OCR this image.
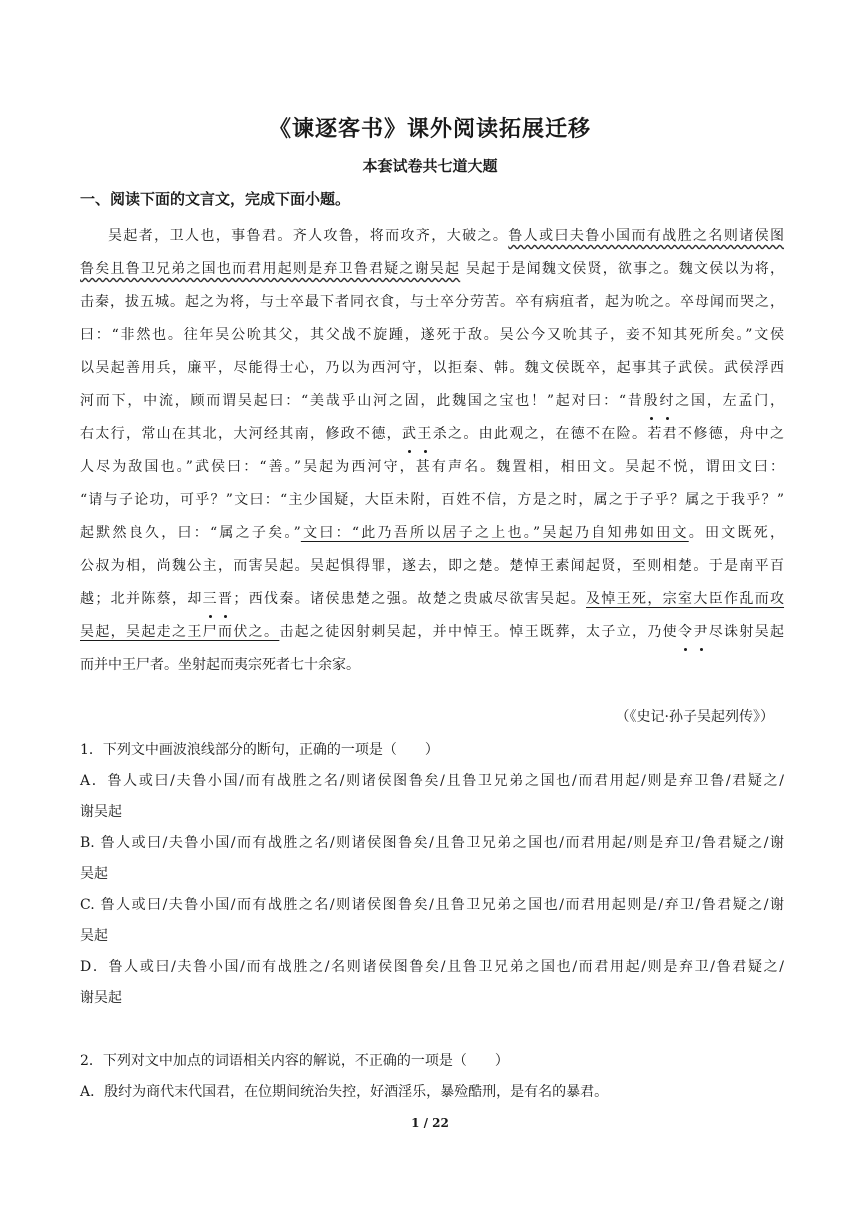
《谏逐客书》课外阅读拓展迁移
本套试卷共七道大题
一、阅读下面的文言文，完成下面小题。
吴起者，卫人也，事鲁君。齐人攻鲁，将而攻齐，大破之。鲁人或曰夫鲁小国而有战胜之名则诸侯图
鲁矣且鲁卫兄弟之国也而君用起则是弃卫鲁君疑之谢吴起 吴起于是闻魏文侯贤，欲事之。魏文侯以为将，
击秦，拔五城。起之为将，与士卒最下者同衣食，与士卒分劳苦。卒有病疽者，起为吮之。卒母闻而哭之，
曰：“非然也。往年吴公吮其父，其父战不旋踵，遂死于敌。吴公今又吮其子，妾不知其死所矣。”文侯
以吴起善用兵，廉平，尽能得士心，乃以为西河守，以拒秦、韩。魏文侯既卒，起事其子武侯。武侯浮西
河而下，中流，顾而谓吴起曰：“美哉乎山河之固，此魏国之宝也！”起对曰：“昔殷纣之国，左孟门，
右太行，常山在其北，大河经其南，修政不德，武王杀之。由此观之，在德不在险。若君不修德，舟中之
人尽为敌国也。”武侯曰：“善。”吴起为西河守，甚有声名。魏置相，相田文。吴起不悦，谓田文曰：
“请与子论功，可乎？”文曰：“主少国疑，大臣未附，百姓不信，方是之时，属之于子乎？属之于我乎？”
起默然良久，曰：“属之子矣。”文曰：“此乃吾所以居子之上也。”吴起乃自知弗如田文。田文既死，
公叔为相，尚魏公主，而害吴起。吴起惧得罪，遂去，即之楚。楚悼王素闻起贤，至则相楚。于是南平百
越；北并陈蔡，却三晋；西伐秦。诸侯患楚之强。故楚之贵戚尽欲害吴起。及悼王死，宗室大臣作乱而攻
吴起，吴起走之王尸而伏之。击起之徒因射刺吴起，并中悼王。悼王既葬，太子立，乃使令尹尽诛射吴起
而并中王尸者。坐射起而夷宗死者七十余家。
（《史记·孙子吴起列传》）
1．下列文中画波浪线部分的断句，正确的一项是（　　）
A．鲁人或曰/夫鲁小国/而有战胜之名/则诸侯图鲁矣/且鲁卫兄弟之国也/而君用起/则是弃卫鲁/君疑之/
谢吴起
B. 鲁人或曰/夫鲁小国/而有战胜之名/则诸侯图鲁矣/且鲁卫兄弟之国也/而君用起/则是弃卫/鲁君疑之/谢
吴起
C. 鲁人或曰/夫鲁小国/而有战胜之名/则诸侯图鲁矣/且鲁卫兄弟之国也/而君用起则是/弃卫/鲁君疑之/谢
吴起
D．鲁人或曰/夫鲁小国/而有战胜之/名则诸侯图鲁矣/且鲁卫兄弟之国也/而君用起/则是弃卫/鲁君疑之/
谢吴起
2．下列对文中加点的词语相关内容的解说，不正确的一项是（　　）
A．殷纣为商代末代国君，在位期间统治失控，好酒淫乐，暴殓酷刑，是有名的暴君。
1 / 22
